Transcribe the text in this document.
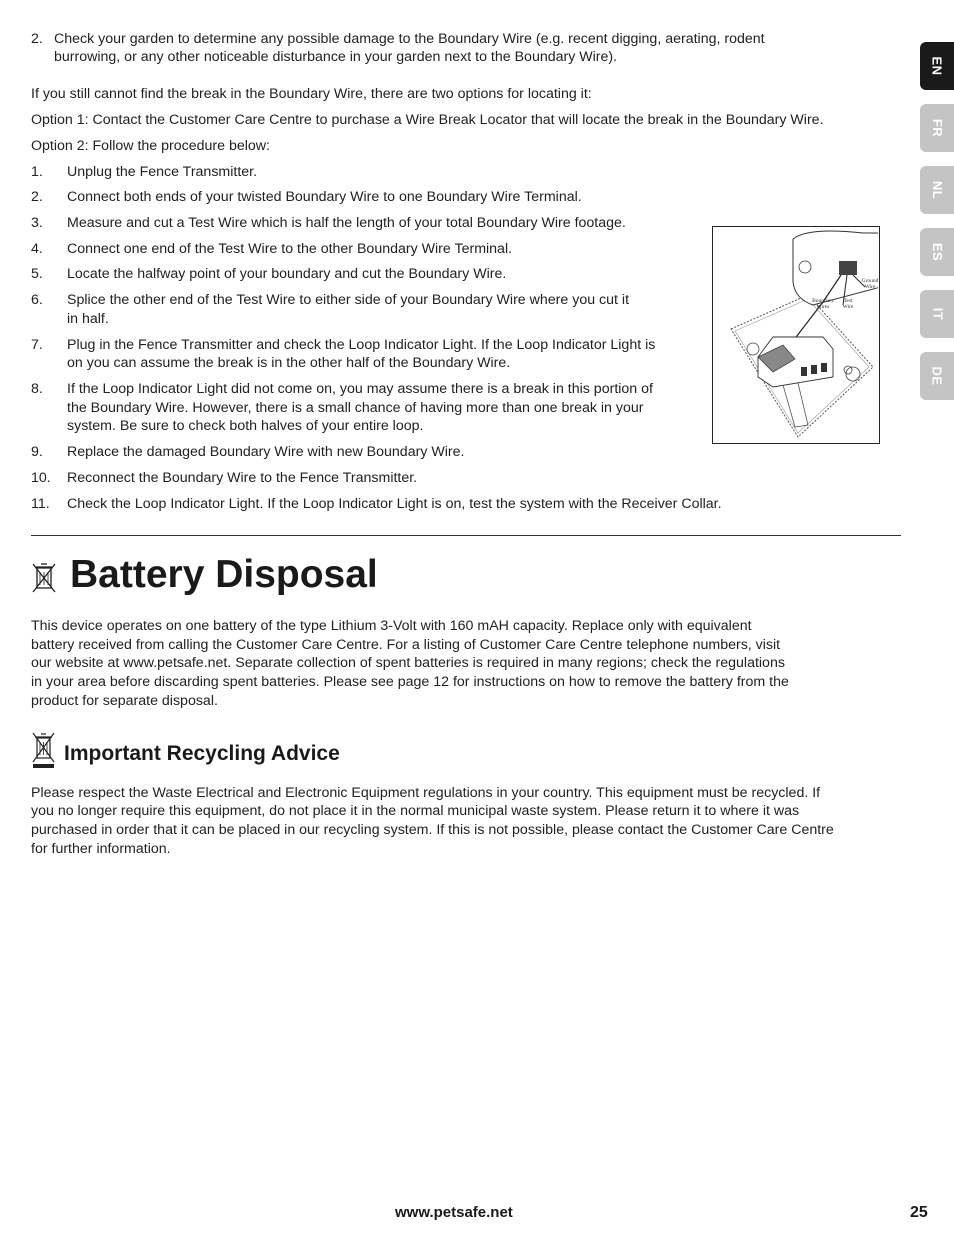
2. Check your garden to determine any possible damage to the Boundary Wire (e.g. recent digging, aerating, rodent
burrowing, or any other noticeable disturbance in your garden next to the Boundary Wire).

If you still cannot find the break in the Boundary Wire, there are two options for locating it:

Option 1: Contact the Customer Care Centre to purchase a Wire Break Locator that will locate the break in the Boundary Wire.

Option 2: Follow the procedure below:

1.	Unplug the Fence Transmitter.
2.	Connect both ends of your twisted Boundary Wire to one Boundary Wire Terminal.
3.	Measure and cut a Test Wire which is half the length of your total Boundary Wire footage.
4.	Connect one end of the Test Wire to the other Boundary Wire Terminal.
5.	Locate the halfway point of your boundary and cut the Boundary Wire.
6.	Splice the other end of the Test Wire to either side of your Boundary Wire where you cut it
in half.
7.	Plug in the Fence Transmitter and check the Loop Indicator Light. If the Loop Indicator Light is
on you can assume the break is in the other half of the Boundary Wire.
8.	If the Loop Indicator Light did not come on, you may assume there is a break in this portion of
the Boundary Wire. However, there is a small chance of having more than one break in your
system. Be sure to check both halves of your entire loop.
9.	Replace the damaged Boundary Wire with new Boundary Wire.
10.	Reconnect the Boundary Wire to the Fence Transmitter.
11.	Check the Loop Indicator Light. If the Loop Indicator Light is on, test the system with the Receiver Collar.
Boundary
Wires
Test
Wire
Ground
Wire
Battery Disposal

This device operates on one battery of the type Lithium 3-Volt with 160 mAH capacity. Replace only with equivalent

battery received from calling the Customer Care Centre. For a listing of Customer Care Centre telephone numbers, visit

our website at www.petsafe.net. Separate collection of spent batteries is required in many regions; check the regulations

in your area before discarding spent batteries. Please see page 12 for instructions on how to remove the battery from the

product for separate disposal.

Important Recycling Advice

Please respect the Waste Electrical and Electronic Equipment regulations in your country. This equipment must be recycled. If

you no longer require this equipment, do not place it in the normal municipal waste system. Please return it to where it was

purchased in order that it can be placed in our recycling system. If this is not possible, please contact the Customer Care Centre

for further information.

EN
FR
NL
ES
IT
DE
www.petsafe.net	25
